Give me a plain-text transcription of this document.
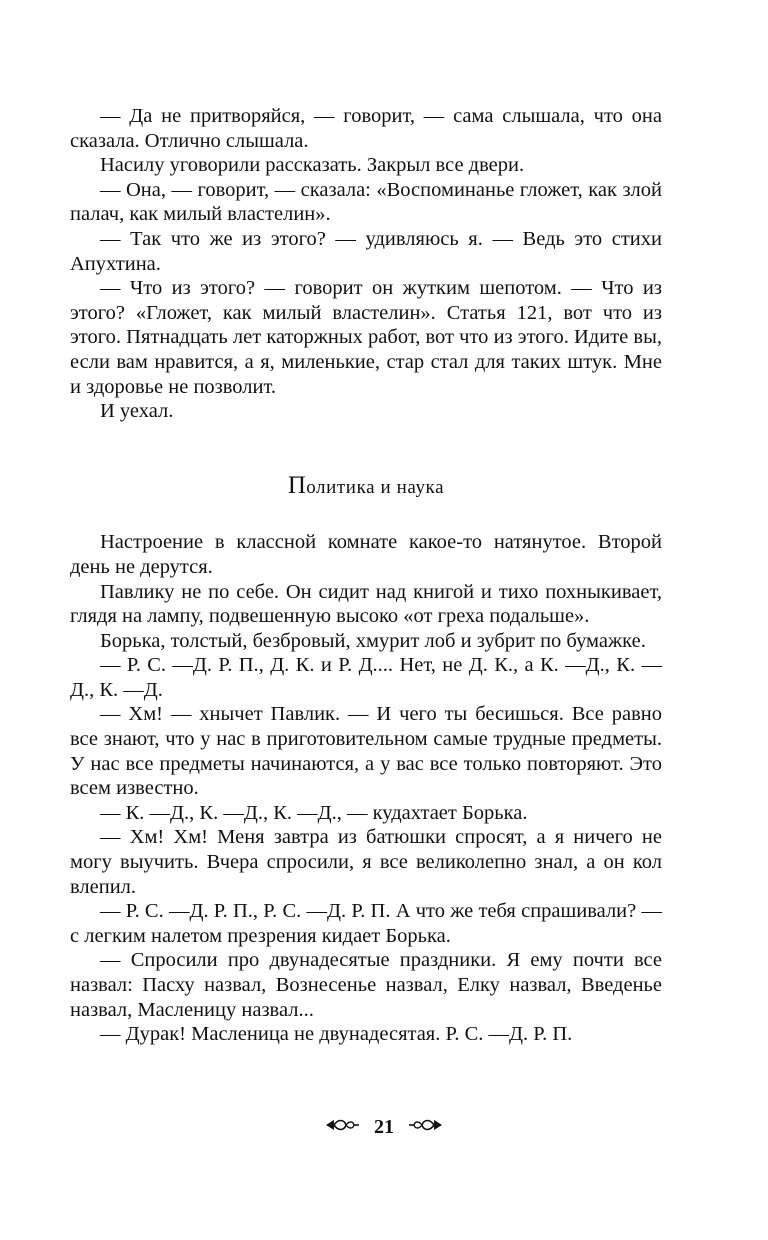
— Да не притворяйся, — говорит, — сама слышала, что она сказала. Отлично слышала.

Насилу уговорили рассказать. Закрыл все двери.

— Она, — говорит, — сказала: «Воспоминанье гложет, как злой палач, как милый властелин».

— Так что же из этого? — удивляюсь я. — Ведь это стихи Апухтина.

— Что из этого? — говорит он жутким шепотом. — Что из этого? «Гложет, как милый властелин». Статья 121, вот что из этого. Пятнадцать лет каторжных работ, вот что из этого. Идите вы, если вам нравится, а я, миленькие, стар стал для таких штук. Мне и здоровье не позволит.

И уехал.

Политика и наука

Настроение в классной комнате какое-то натянутое. Второй день не дерутся.

Павлику не по себе. Он сидит над книгой и тихо похныкивает, глядя на лампу, подвешенную высоко «от греха подальше».

Борька, толстый, безбровый, хмурит лоб и зубрит по бумажке.

— Р. С. —Д. Р. П., Д. К. и Р. Д.... Нет, не Д. К., а К. —Д., К. —Д., К. —Д.

— Хм! — хнычет Павлик. — И чего ты бесишься. Все равно все знают, что у нас в приготовительном самые трудные предметы. У нас все предметы начинаются, а у вас все только повторяют. Это всем известно.

— К. —Д., К. —Д., К. —Д., — кудахтает Борька.

— Хм! Хм! Меня завтра из батюшки спросят, а я ничего не могу выучить. Вчера спросили, я все великолепно знал, а он кол влепил.

— Р. С. —Д. Р. П., Р. С. —Д. Р. П. А что же тебя спрашивали? — с легким налетом презрения кидает Борька.

— Спросили про двунадесятые праздники. Я ему почти все назвал: Пасху назвал, Вознесенье назвал, Елку назвал, Введенье назвал, Масленицу назвал...

— Дурак! Масленица не двунадесятая. Р. С. —Д. Р. П.

21
